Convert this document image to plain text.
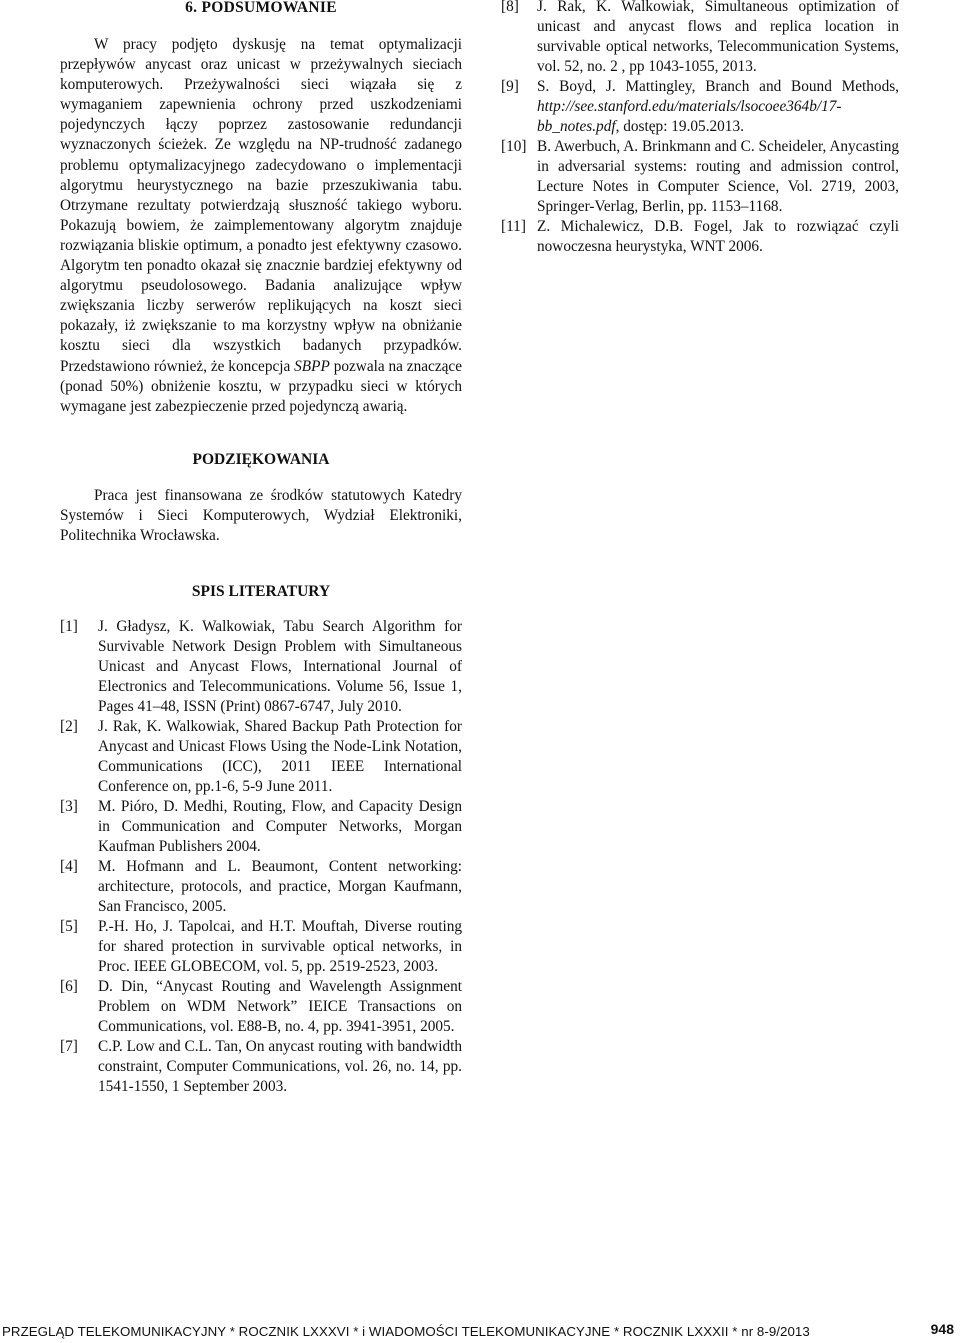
6. PODSUMOWANIE

W pracy podjęto dyskusję na temat optymalizacji przepływów anycast oraz unicast w przeżywalnych sieciach komputerowych. Przeżywalności sieci wiązała się z wymaganiem zapewnienia ochrony przed uszkodzeniami pojedynczych łączy poprzez zastosowanie redundancji wyznaczonych ścieżek. Ze względu na NP-trudność zadanego problemu optymalizacyjnego zadecydowano o implementacji algorytmu heurystycznego na bazie przeszukiwania tabu. Otrzymane rezultaty potwierdzają słuszność takiego wyboru. Pokazują bowiem, że zaimplementowany algorytm znajduje rozwiązania bliskie optimum, a ponadto jest efektywny czasowo. Algorytm ten ponadto okazał się znacznie bardziej efektywny od algorytmu pseudolosowego. Badania analizujące wpływ zwiększania liczby serwerów replikujących na koszt sieci pokazały, iż zwiększanie to ma korzystny wpływ na obniżanie kosztu sieci dla wszystkich badanych przypadków. Przedstawiono również, że koncepcja SBPP pozwala na znaczące (ponad 50%) obniżenie kosztu, w przypadku sieci w których wymagane jest zabezpieczenie przed pojedynczą awarią.

PODZIĘKOWANIA

Praca jest finansowana ze środków statutowych Katedry Systemów i Sieci Komputerowych, Wydział Elektroniki, Politechnika Wrocławska.

SPIS LITERATURY
[1] J. Gładysz, K. Walkowiak, Tabu Search Algorithm for Survivable Network Design Problem with Simultaneous Unicast and Anycast Flows, International Journal of Electronics and Telecommunications. Volume 56, Issue 1, Pages 41–48, ISSN (Print) 0867-6747, July 2010.
[2] J. Rak, K. Walkowiak, Shared Backup Path Protection for Anycast and Unicast Flows Using the Node-Link Notation, Communications (ICC), 2011 IEEE International Conference on, pp.1-6, 5-9 June 2011.
[3] M. Pióro, D. Medhi, Routing, Flow, and Capacity Design in Communication and Computer Networks, Morgan Kaufman Publishers 2004.
[4] M. Hofmann and L. Beaumont, Content networking: architecture, protocols, and practice, Morgan Kaufmann, San Francisco, 2005.
[5] P.-H. Ho, J. Tapolcai, and H.T. Mouftah, Diverse routing for shared protection in survivable optical networks, in Proc. IEEE GLOBECOM, vol. 5, pp. 2519-2523, 2003.
[6] D. Din, “Anycast Routing and Wavelength Assignment Problem on WDM Network” IEICE Transactions on Communications, vol. E88-B, no. 4, pp. 3941-3951, 2005.
[7] C.P. Low and C.L. Tan, On anycast routing with bandwidth constraint, Computer Communications, vol. 26, no. 14, pp. 1541-1550, 1 September 2003.
[8] J. Rak, K. Walkowiak, Simultaneous optimization of unicast and anycast flows and replica location in survivable optical networks, Telecommunication Systems, vol. 52, no. 2 , pp 1043-1055, 2013.
[9] S. Boyd, J. Mattingley, Branch and Bound Methods, http://see.stanford.edu/materials/lsocoee364b/17-bb_notes.pdf, dostęp: 19.05.2013.
[10] B. Awerbuch, A. Brinkmann and C. Scheideler, Anycasting in adversarial systems: routing and admission control, Lecture Notes in Computer Science, Vol. 2719, 2003, Springer-Verlag, Berlin, pp. 1153–1168.
[11] Z. Michalewicz, D.B. Fogel, Jak to rozwiązać czyli nowoczesna heurystyka, WNT 2006.
PRZEGLĄD TELEKOMUNIKACYJNY * ROCZNIK LXXXVI * i WIADOMOŚCI TELEKOMUNIKACYJNE * ROCZNIK LXXXII * nr 8-9/2013	948
